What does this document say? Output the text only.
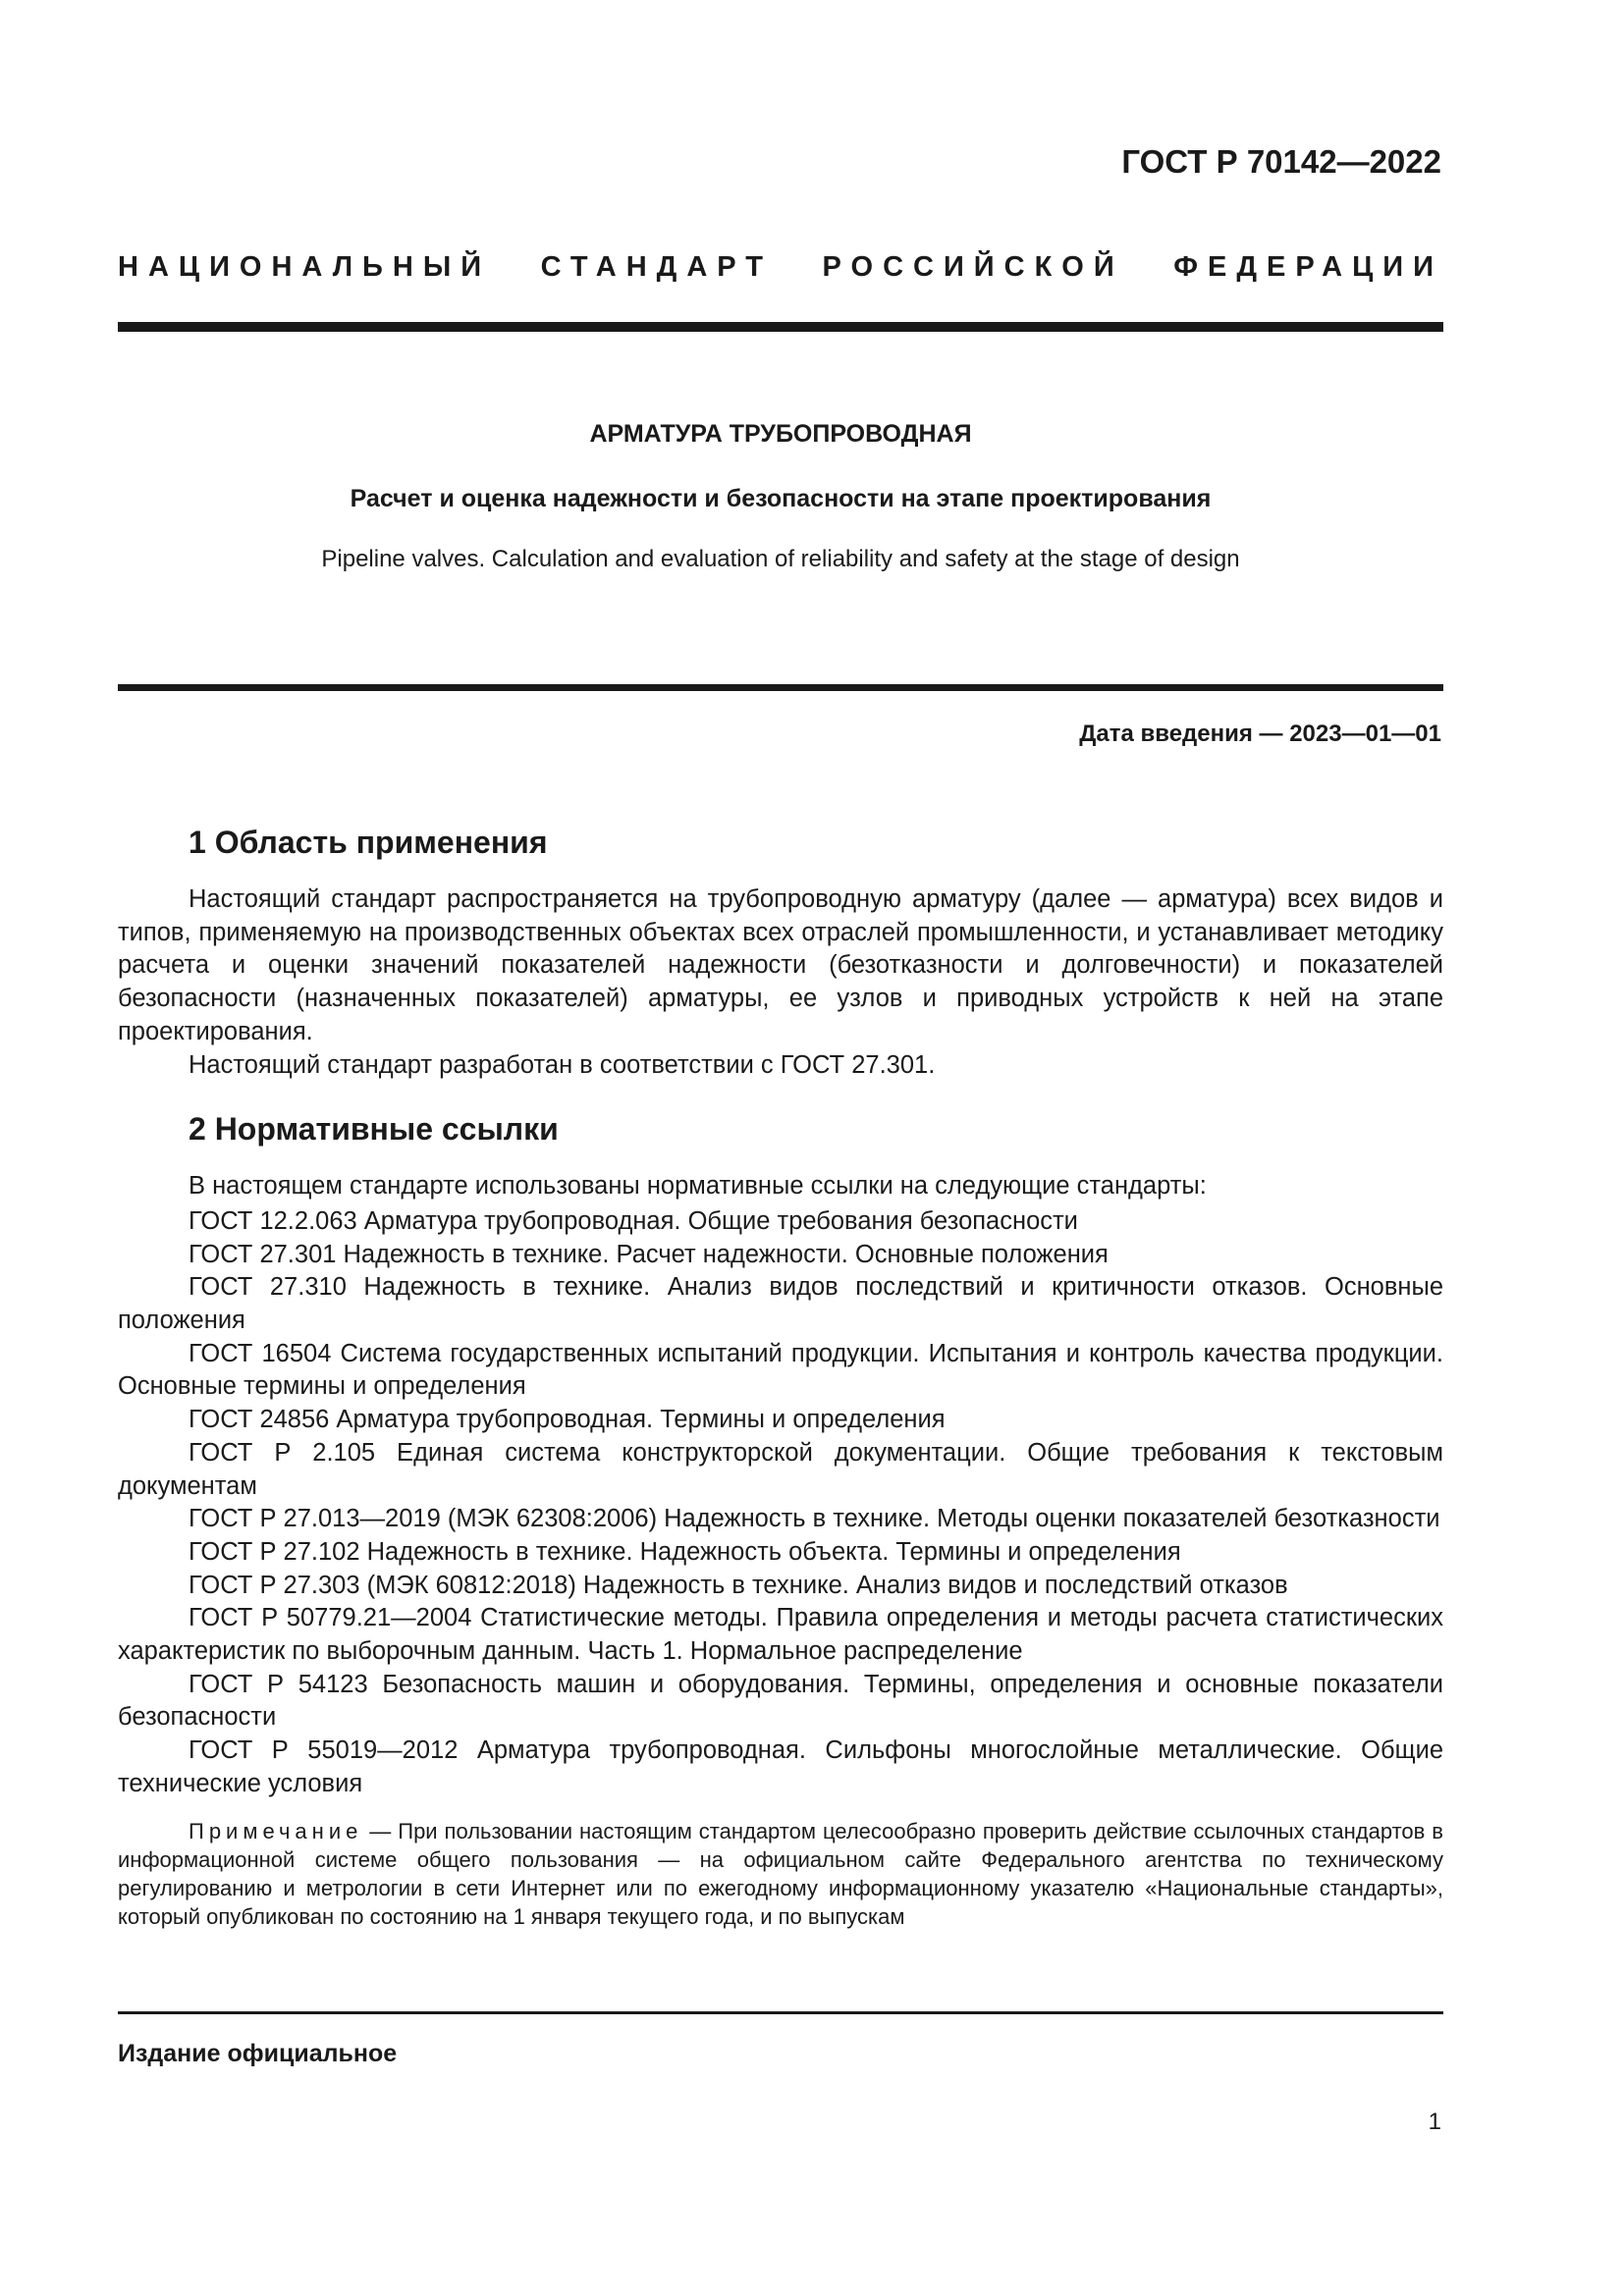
ГОСТ Р 70142—2022
НАЦИОНАЛЬНЫЙ СТАНДАРТ РОССИЙСКОЙ ФЕДЕРАЦИИ
АРМАТУРА ТРУБОПРОВОДНАЯ
Расчет и оценка надежности и безопасности на этапе проектирования
Pipeline valves. Calculation and evaluation of reliability and safety at the stage of design
Дата введения — 2023—01—01
1 Область применения

Настоящий стандарт распространяется на трубопроводную арматуру (далее — арматура) всех видов и типов, применяемую на производственных объектах всех отраслей промышленности, и устанавливает методику расчета и оценки значений показателей надежности (безотказности и долговечности) и показателей безопасности (назначенных показателей) арматуры, ее узлов и приводных устройств к ней на этапе проектирования.

Настоящий стандарт разработан в соответствии с ГОСТ 27.301.

2 Нормативные ссылки

В настоящем стандарте использованы нормативные ссылки на следующие стандарты:

ГОСТ 12.2.063 Арматура трубопроводная. Общие требования безопасности
ГОСТ 27.301 Надежность в технике. Расчет надежности. Основные положения
ГОСТ 27.310 Надежность в технике. Анализ видов последствий и критичности отказов. Основные положения
ГОСТ 16504 Система государственных испытаний продукции. Испытания и контроль качества продукции. Основные термины и определения
ГОСТ 24856 Арматура трубопроводная. Термины и определения
ГОСТ Р 2.105 Единая система конструкторской документации. Общие требования к текстовым документам
ГОСТ Р 27.013—2019 (МЭК 62308:2006) Надежность в технике. Методы оценки показателей безотказности
ГОСТ Р 27.102 Надежность в технике. Надежность объекта. Термины и определения
ГОСТ Р 27.303 (МЭК 60812:2018) Надежность в технике. Анализ видов и последствий отказов
ГОСТ Р 50779.21—2004 Статистические методы. Правила определения и методы расчета статистических характеристик по выборочным данным. Часть 1. Нормальное распределение
ГОСТ Р 54123 Безопасность машин и оборудования. Термины, определения и основные показатели безопасности
ГОСТ Р 55019—2012 Арматура трубопроводная. Сильфоны многослойные металлические. Общие технические условия

Примечание — При пользовании настоящим стандартом целесообразно проверить действие ссылочных стандартов в информационной системе общего пользования — на официальном сайте Федерального агентства по техническому регулированию и метрологии в сети Интернет или по ежегодному информационному указателю «Национальные стандарты», который опубликован по состоянию на 1 января текущего года, и по выпускам

Издание официальное
1
